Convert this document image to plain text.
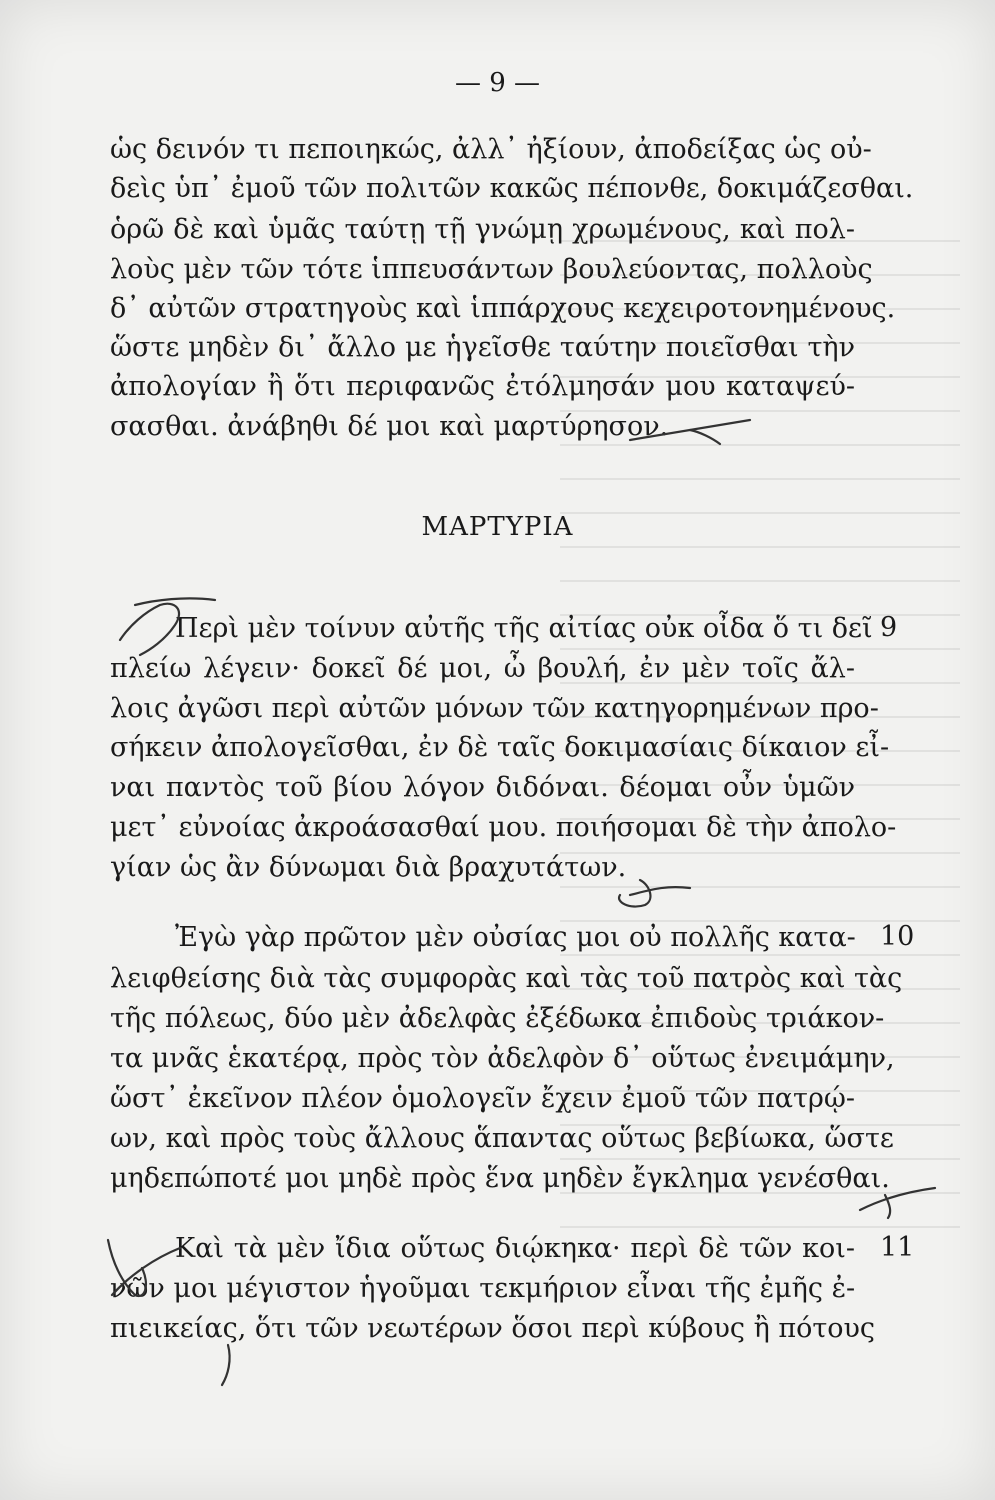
— 9 —
ὡς δεινόν τι πεποιηκώς, ἀλλ᾽ ἠξίουν, ἀποδείξας ὡς οὐ-
δεὶς ὑπ᾽ ἐμοῦ τῶν πολιτῶν κακῶς πέπονθε, δοκιμάζεσθαι.
ὁρῶ δὲ καὶ ὑμᾶς ταύτῃ τῇ γνώμῃ χρωμένους, καὶ πολ-
λοὺς μὲν τῶν τότε ἱππευσάντων βουλεύοντας, πολλοὺς
δ᾽ αὐτῶν στρατηγοὺς καὶ ἱππάρχους κεχειροτονημένους.
ὥστε μηδὲν δι᾽ ἄλλο με ἡγεῖσθε ταύτην ποιεῖσθαι τὴν
ἀπολογίαν ἢ ὅτι περιφανῶς ἐτόλμησάν μου καταψεύ-
σασθαι. ἀνάβηθι δέ μοι καὶ μαρτύρησον.
ΜΑΡΤΥΡΙΑ
9
Περὶ μὲν τοίνυν αὐτῆς τῆς αἰτίας οὐκ οἶδα ὅ τι δεῖ
πλείω λέγειν· δοκεῖ δέ μοι, ὦ βουλή, ἐν μὲν τοῖς ἄλ-
λοις ἀγῶσι περὶ αὐτῶν μόνων τῶν κατηγορημένων προ-
σήκειν ἀπολογεῖσθαι, ἐν δὲ ταῖς δοκιμασίαις δίκαιον εἶ-
ναι παντὸς τοῦ βίου λόγον διδόναι. δέομαι οὖν ὑμῶν
μετ᾽ εὐνοίας ἀκροάσασθαί μου. ποιήσομαι δὲ τὴν ἀπολο-
γίαν ὡς ἂν δύνωμαι διὰ βραχυτάτων.
10
Ἐγὼ γὰρ πρῶτον μὲν οὐσίας μοι οὐ πολλῆς κατα-
λειφθείσης διὰ τὰς συμφορὰς καὶ τὰς τοῦ πατρὸς καὶ τὰς
τῆς πόλεως, δύο μὲν ἀδελφὰς ἐξέδωκα ἐπιδοὺς τριάκον-
τα μνᾶς ἑκατέρᾳ, πρὸς τὸν ἀδελφὸν δ᾽ οὕτως ἐνειμάμην,
ὥστ᾽ ἐκεῖνον πλέον ὁμολογεῖν ἔχειν ἐμοῦ τῶν πατρῴ-
ων, καὶ πρὸς τοὺς ἄλλους ἅπαντας οὕτως βεβίωκα, ὥστε
μηδεπώποτέ μοι μηδὲ πρὸς ἕνα μηδὲν ἔγκλημα γενέσθαι.
11
Καὶ τὰ μὲν ἴδια οὕτως διῴκηκα· περὶ δὲ τῶν κοι-
νῶν μοι μέγιστον ἡγοῦμαι τεκμήριον εἶναι τῆς ἐμῆς ἐ-
πιεικείας, ὅτι τῶν νεωτέρων ὅσοι περὶ κύβους ἢ πότους
